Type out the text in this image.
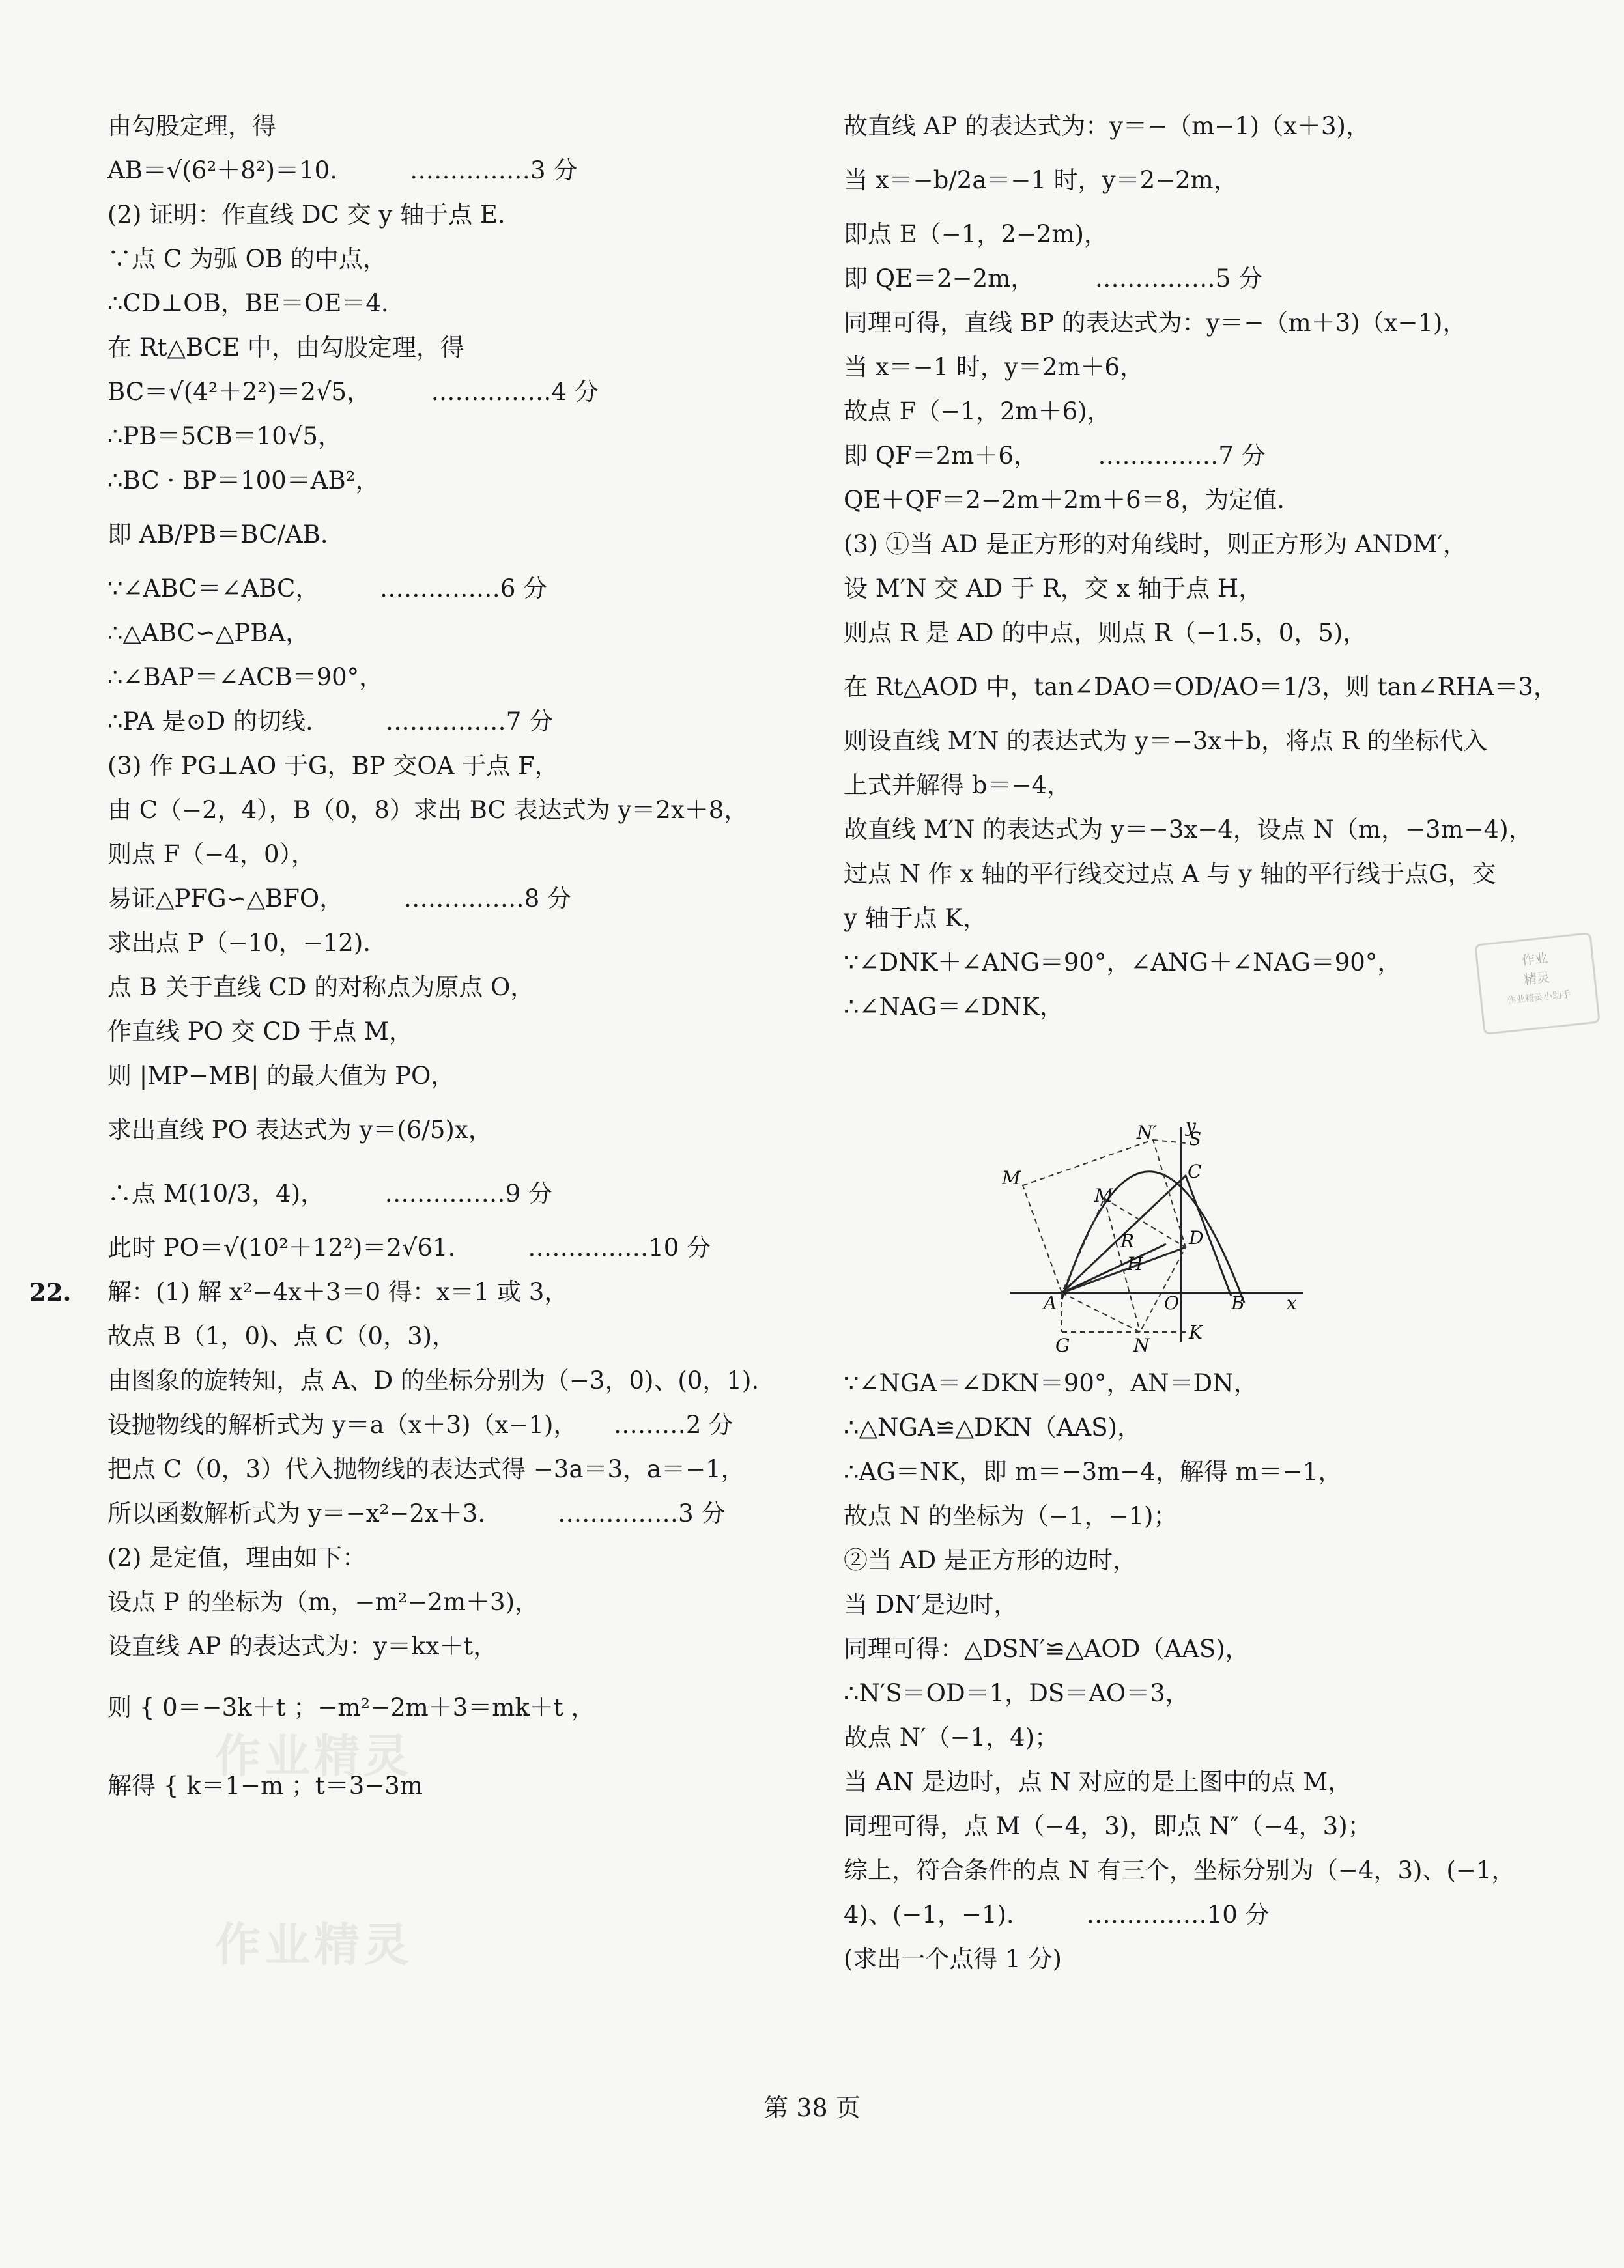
由勾股定理，得
AB＝√(6²＋8²)＝10.　　　……………3 分
(2) 证明：作直线 DC 交 y 轴于点 E.
∵点 C 为弧 OB 的中点，
∴CD⊥OB，BE＝OE＝4.
在 Rt△BCE 中，由勾股定理，得
BC＝√(4²＋2²)＝2√5，　　　……………4 分
∴PB＝5CB＝10√5，
∴BC · BP＝100＝AB²，
即 AB/PB＝BC/AB.
∵∠ABC＝∠ABC，　　　……………6 分
∴△ABC∽△PBA，
∴∠BAP＝∠ACB＝90°，
∴PA 是⊙D 的切线.　　　……………7 分
(3) 作 PG⊥AO 于G，BP 交OA 于点 F，
由 C（−2，4），B（0，8）求出 BC 表达式为 y＝2x＋8，
则点 F（−4，0），
易证△PFG∽△BFO，　　　……………8 分
求出点 P（−10，−12).
点 B 关于直线 CD 的对称点为原点 O，
作直线 PO 交 CD 于点 M，
则 |MP−MB| 的最大值为 PO，
求出直线 PO 表达式为 y＝(6/5)x，
∴点 M(10/3，4)，　　　……………9 分
此时 PO＝√(10²＋12²)＝2√61.　　　……………10 分
22. 解：(1) 解 x²−4x＋3＝0 得：x＝1 或 3，
故点 B（1，0)、点 C（0，3)，
由图象的旋转知，点 A、D 的坐标分别为（−3，0)、(0，1).
设抛物线的解析式为 y＝a（x＋3)（x−1)，　　………2 分
把点 C（0，3）代入抛物线的表达式得 −3a＝3，a＝−1，
所以函数解析式为 y＝−x²−2x＋3.　　　……………3 分
(2) 是定值，理由如下：
设点 P 的坐标为（m，−m²−2m＋3)，
设直线 AP 的表达式为：y＝kx＋t，
则 { 0＝−3k＋t ；−m²−2m＋3＝mk＋t ，
解得 { k＝1−m ；t＝3−3m
故直线 AP 的表达式为：y＝−（m−1)（x＋3)，
当 x＝−b/2a＝−1 时，y＝2−2m，
即点 E（−1，2−2m)，
即 QE＝2−2m，　　　……………5 分
同理可得，直线 BP 的表达式为：y＝−（m＋3)（x−1)，
当 x＝−1 时，y＝2m＋6，
故点 F（−1，2m＋6)，
即 QF＝2m＋6，　　　……………7 分
QE＋QF＝2−2m＋2m＋6＝8，为定值.
(3) ①当 AD 是正方形的对角线时，则正方形为 ANDM′，
设 M′N 交 AD 于 R，交 x 轴于点 H，
则点 R 是 AD 的中点，则点 R（−1.5，0，5)，
在 Rt△AOD 中，tan∠DAO＝OD/AO＝1/3，则 tan∠RHA＝3，
则设直线 M′N 的表达式为 y＝−3x＋b，将点 R 的坐标代入
上式并解得 b＝−4，
故直线 M′N 的表达式为 y＝−3x−4，设点 N（m，−3m−4)，
过点 N 作 x 轴的平行线交过点 A 与 y 轴的平行线于点G，交
y 轴于点 K，
∵∠DNK＋∠ANG＝90°，∠ANG＋∠NAG＝90°，
∴∠NAG＝∠DNK，
∵∠NGA＝∠DKN＝90°，AN＝DN，
∴△NGA≌△DKN（AAS)，
∴AG＝NK，即 m＝−3m−4，解得 m＝−1，
故点 N 的坐标为（−1，−1)；
②当 AD 是正方形的边时，
当 DN′是边时，
同理可得：△DSN′≌△AOD（AAS)，
∴N′S＝OD＝1，DS＝AO＝3，
故点 N′（−1，4)；
当 AN 是边时，点 N 对应的是上图中的点 M，
同理可得，点 M（−4，3)，即点 N″（−4，3)；
综上，符合条件的点 N 有三个，坐标分别为（−4，3)、(−1，
4)、(−1，−1).　　　……………10 分
(求出一个点得 1 分)
y
N′ S
C
M
M′
R	D
H
A	O	B x
G	N
K
作业
精灵
作业精灵小助手
作业精灵
作业精灵
第 38 页
